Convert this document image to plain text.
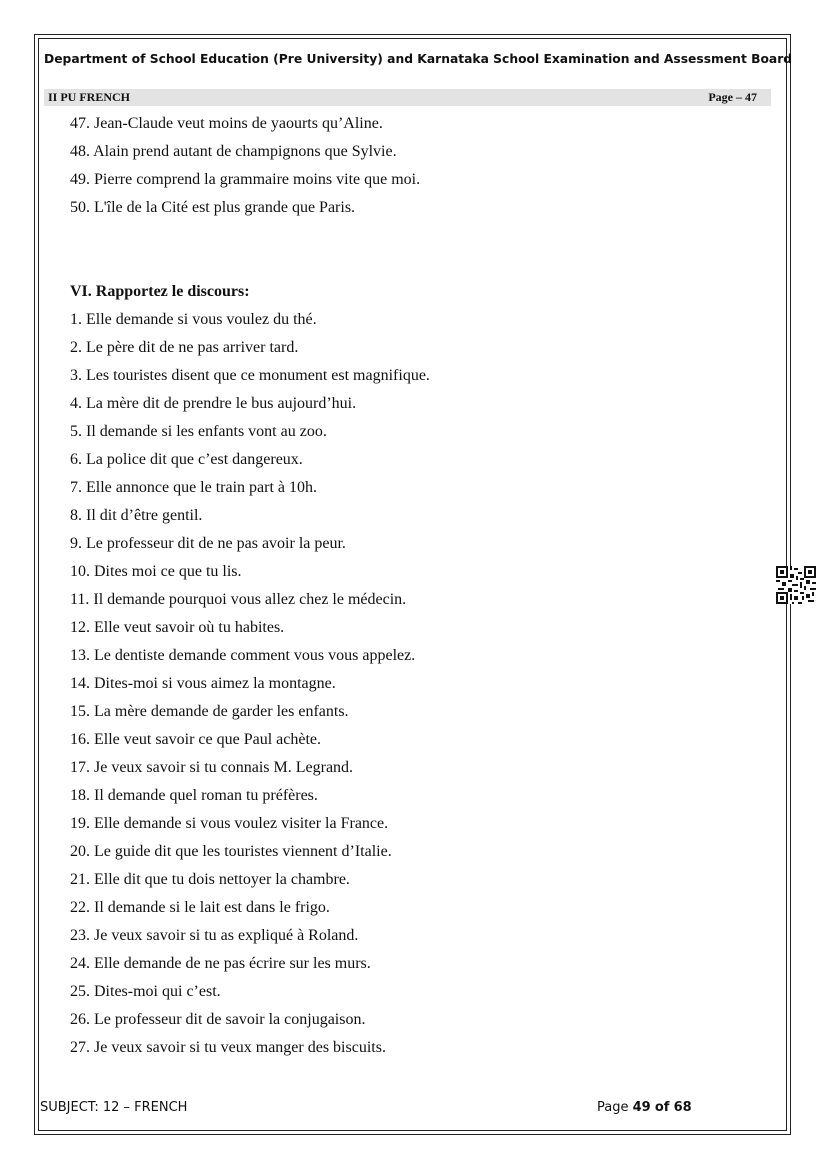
Department of School Education (Pre University) and Karnataka School Examination and Assessment Board
II PU FRENCH	Page – 47
47. Jean-Claude veut moins de yaourts qu’Aline.
48. Alain prend autant de champignons que Sylvie.
49. Pierre comprend la grammaire moins vite que moi.
50. L'île de la Cité est plus grande que Paris.
VI. Rapportez le discours:
1. Elle demande si vous voulez du thé.
2. Le père dit de ne pas arriver tard.
3. Les touristes disent que ce monument est magnifique.
4. La mère dit de prendre le bus aujourd’hui.
5. Il demande si les enfants vont au zoo.
6. La police dit que c’est dangereux.
7. Elle annonce que le train part à 10h.
8. Il dit d’être gentil.
9. Le professeur dit de ne pas avoir la peur.
10. Dites moi ce que tu lis.
11. Il demande pourquoi vous allez chez le médecin.
12. Elle veut savoir où tu habites.
13. Le dentiste demande comment vous vous appelez.
14. Dites-moi si vous aimez la montagne.
15. La mère demande de garder les enfants.
16. Elle veut savoir ce que Paul achète.
17. Je veux savoir si tu connais M. Legrand.
18. Il demande quel roman tu préfères.
19. Elle demande si vous voulez visiter la France.
20. Le guide dit que les touristes viennent d’Italie.
21. Elle dit que tu dois nettoyer la chambre.
22. Il demande si le lait est dans le frigo.
23. Je veux savoir si tu as expliqué à Roland.
24. Elle demande de ne pas écrire sur les murs.
25. Dites-moi qui c’est.
26. Le professeur dit de savoir la conjugaison.
27. Je veux savoir si tu veux manger des biscuits.
SUBJECT: 12 – FRENCH	Page 49 of 68
